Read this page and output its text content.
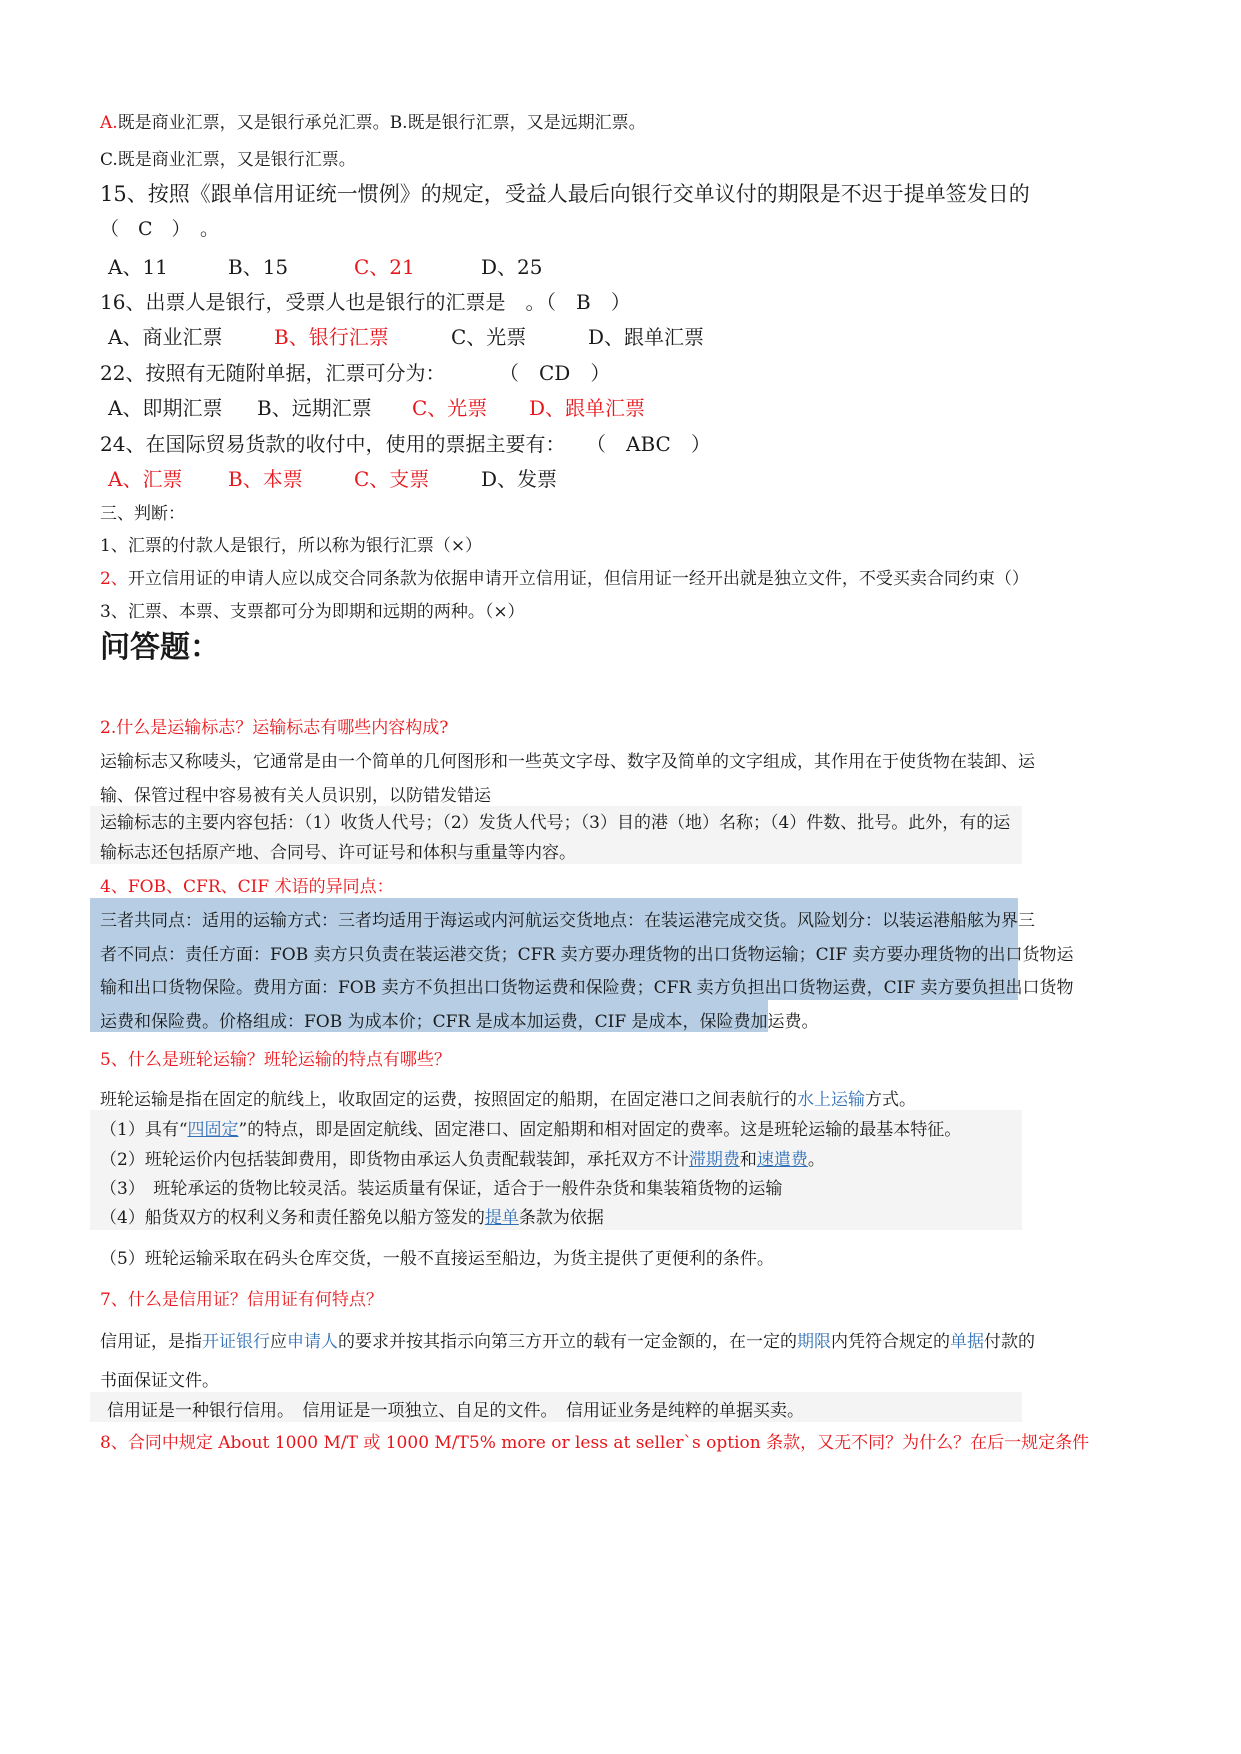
A.既是商业汇票，又是银行承兑汇票。B.既是银行汇票，又是远期汇票。
C.既是商业汇票，又是银行汇票。
15、按照《跟单信用证统一惯例》的规定，受益人最后向银行交单议付的期限是不迟于提单签发日的
（　C　）　。
A、11	B、15	C、21	D、25
16、出票人是银行，受票人也是银行的汇票是　。
（　B　）
A、商业汇票	B、银行汇票	C、光票	D、跟单汇票
22、按照有无随附单据，汇票可分为：	（　CD　）
A、即期汇票 B、远期汇票 C、光票 D、跟单汇票
24、在国际贸易货款的收付中，使用的票据主要有： （　ABC　）
A、汇票 B、本票	C、支票	D、发票
三、判断：
1、汇票的付款人是银行，所以称为银行汇票（×）
2、开立信用证的申请人应以成交合同条款为依据申请开立信用证，但信用证一经开出就是独立文件，不受买卖合同约束（）
3、汇票、本票、支票都可分为即期和远期的两种。（×）
问答题：
2.什么是运输标志？运输标志有哪些内容构成?
运输标志又称唛头，它通常是由一个简单的几何图形和一些英文字母、数字及简单的文字组成，其作用在于使货物在装卸、运
输、保管过程中容易被有关人员识别，以防错发错运
运输标志的主要内容包括：（1）收货人代号；（2）发货人代号；（3）目的港（地）名称；（4）件数、批号。此外，有的运
输标志还包括原产地、合同号、许可证号和体积与重量等内容。
4、FOB、CFR、CIF 术语的异同点：
三者共同点：适用的运输方式：三者均适用于海运或内河航运交货地点：在装运港完成交货。风险划分：以装运港船舷为界三
者不同点：责任方面：FOB 卖方只负责在装运港交货；CFR 卖方要办理货物的出口货物运输；CIF 卖方要办理货物的出口货物运
输和出口货物保险。费用方面：FOB 卖方不负担出口货物运费和保险费；CFR 卖方负担出口货物运费，CIF 卖方要负担出口货物
运费和保险费。价格组成：FOB 为成本价；CFR 是成本加运费，CIF 是成本，保险费加运费。
5、什么是班轮运输？班轮运输的特点有哪些？
班轮运输是指在固定的航线上，收取固定的运费，按照固定的船期，在固定港口之间表航行的水上运输方式。
（1）具有“四固定”的特点，即是固定航线、固定港口、固定船期和相对固定的费率。这是班轮运输的最基本特征。
（2）班轮运价内包括装卸费用，即货物由承运人负责配载装卸，承托双方不计滞期费和速遣费。
（3）　班轮承运的货物比较灵活。装运质量有保证，适合于一般件杂货和集装箱货物的运输
（4）船货双方的权利义务和责任豁免以船方签发的提单条款为依据
（5）班轮运输采取在码头仓库交货，一般不直接运至船边，为货主提供了更便利的条件。
7、什么是信用证？信用证有何特点？
信用证，是指开证银行应申请人的要求并按其指示向第三方开立的载有一定金额的，在一定的期限内凭符合规定的单据付款的
书面保证文件。
信用证是一种银行信用。　信用证是一项独立、自足的文件。　信用证业务是纯粹的单据买卖。
8、合同中规定 About 1000 M/T 或 1000 M/T5% more or less at seller`s option 条款，又无不同？为什么？在后一规定条件
